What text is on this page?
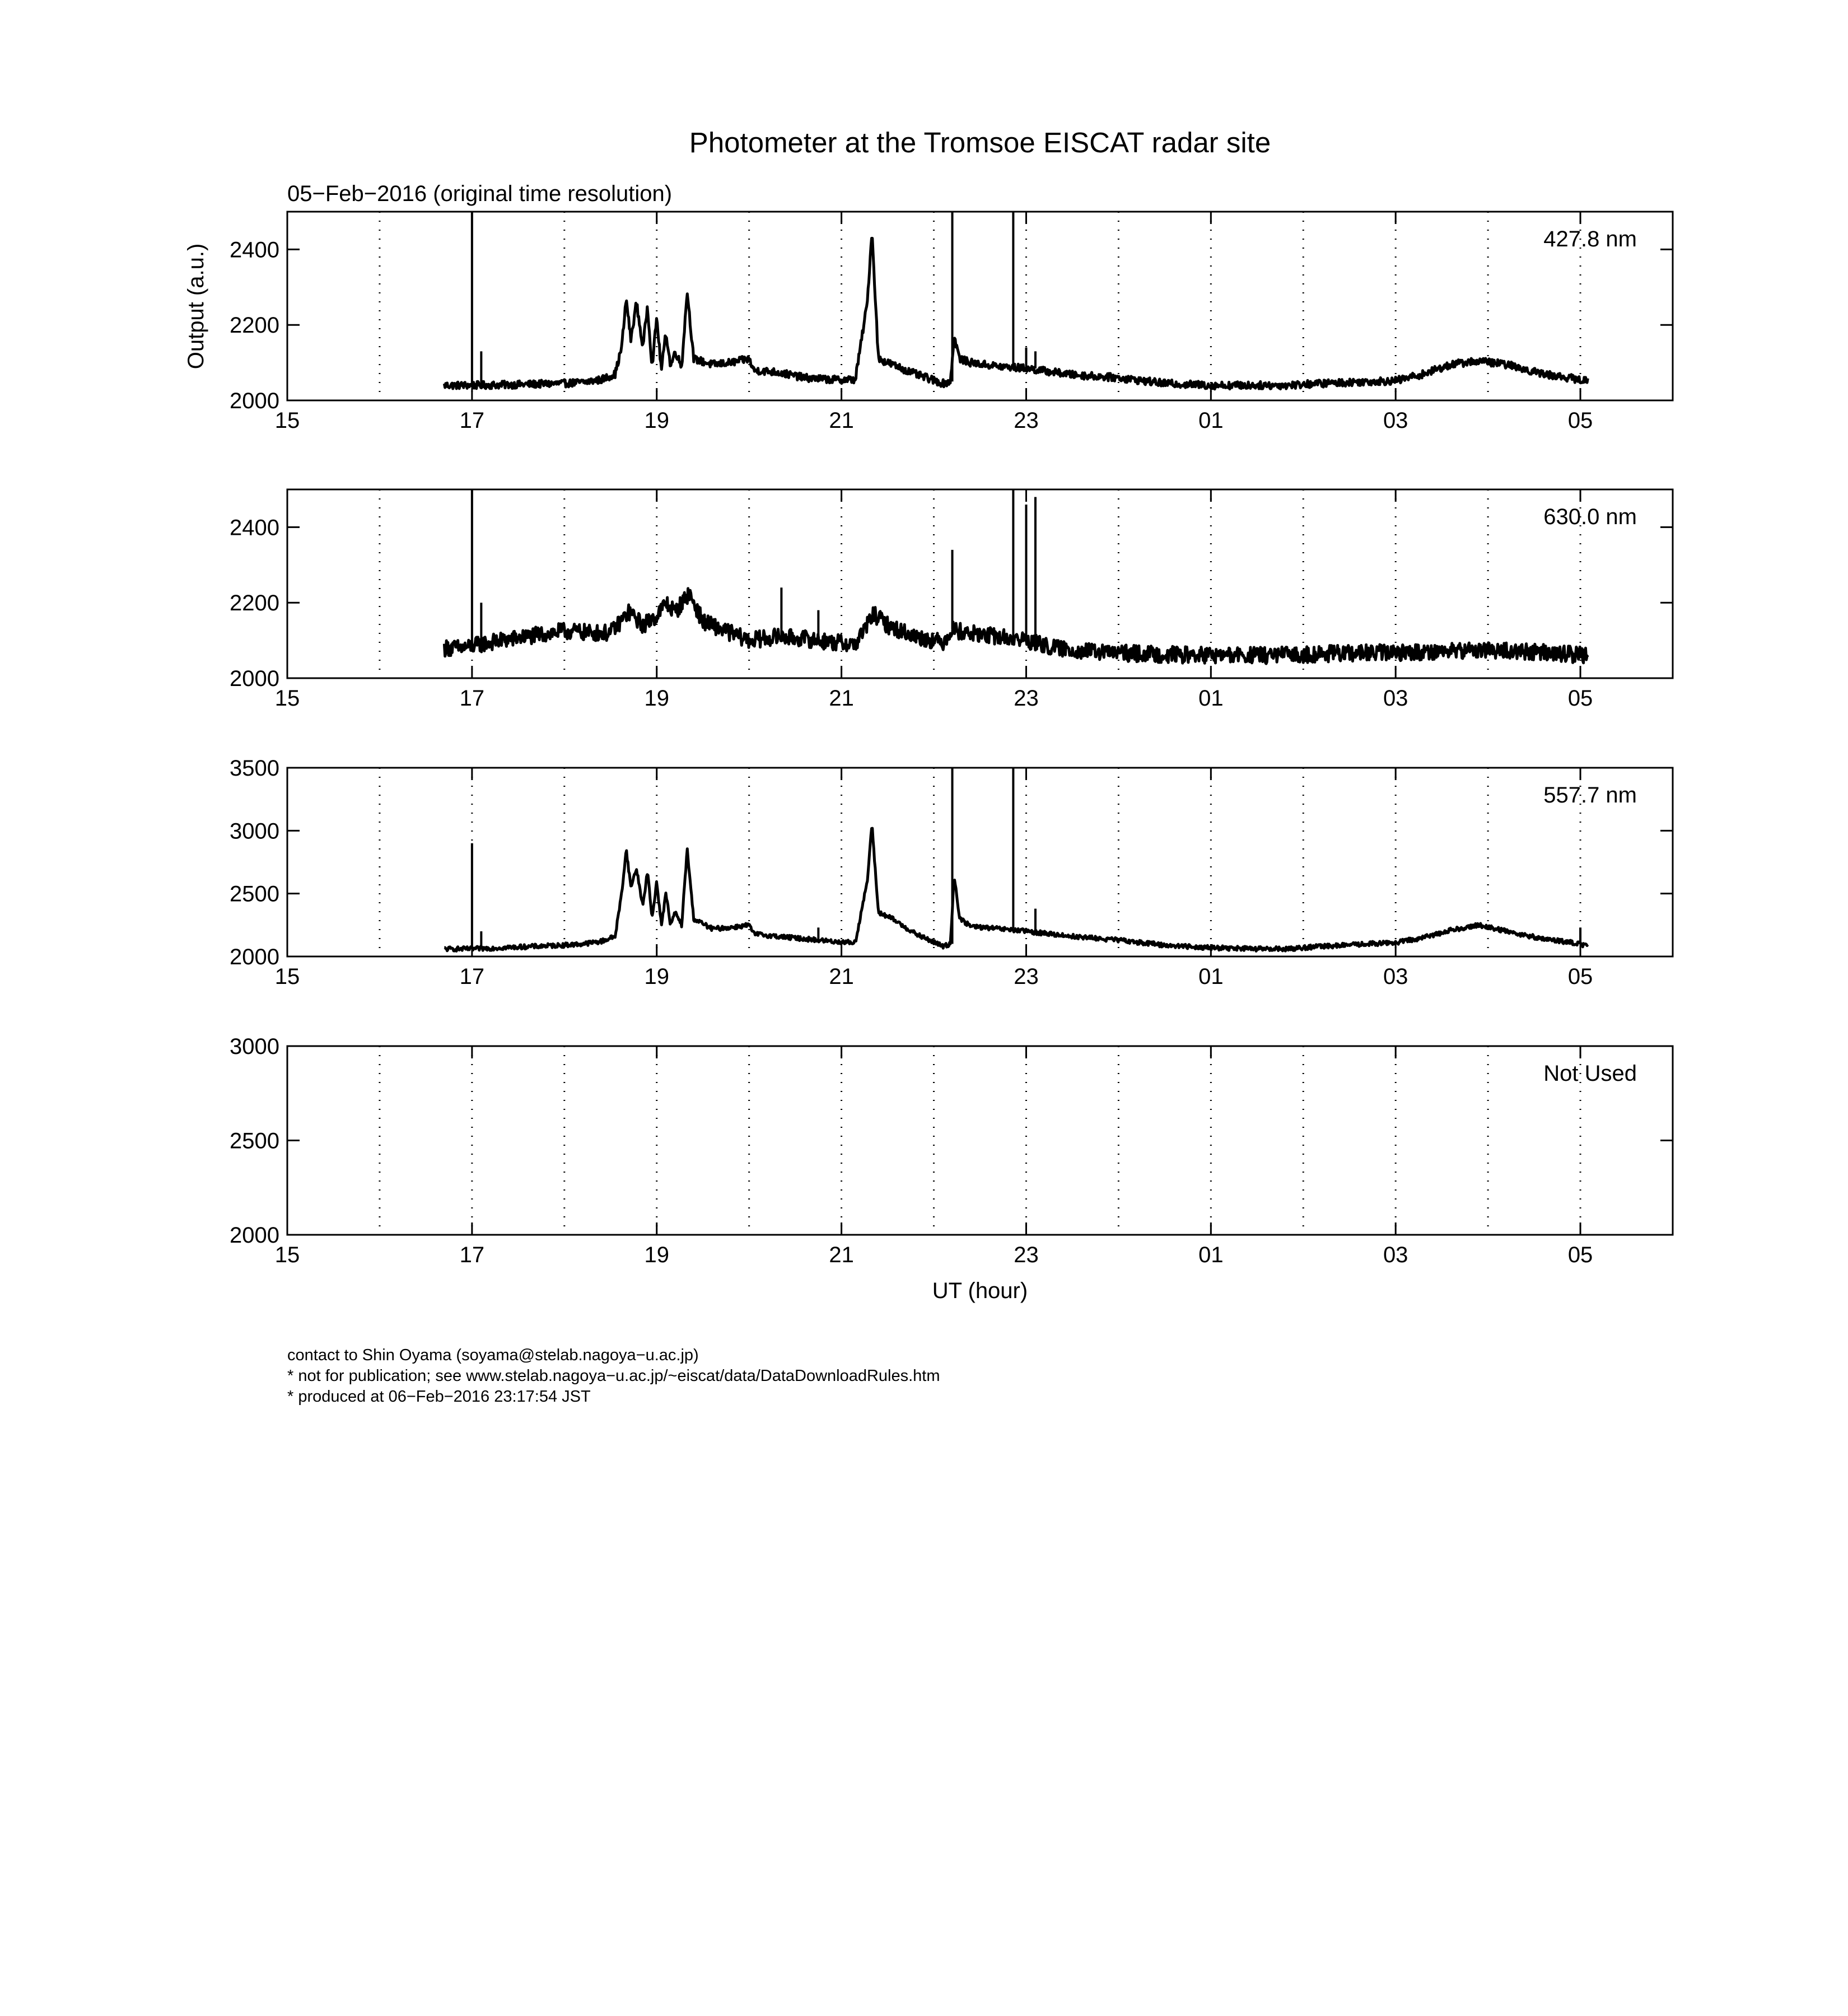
Photometer at the Tromsoe EISCAT radar site
05−Feb−2016 (original time resolution)
Output (a.u.)
UT (hour)
15	17	19	21	23	01	03	05
2000
2200
2400	427.8 nm
15	17	19	21	23	01	03	05
2000
2200
2400	630.0 nm
15	17	19	21	23	01	03	05
2000
2500
3000
3500
557.7 nm
15	17	19	21	23	01	03	05
2000
2500
3000
Not Used
contact to Shin Oyama (soyama@stelab.nagoya−u.ac.jp)
* not for publication; see www.stelab.nagoya−u.ac.jp/~eiscat/data/DataDownloadRules.htm
* produced at 06−Feb−2016 23:17:54 JST
